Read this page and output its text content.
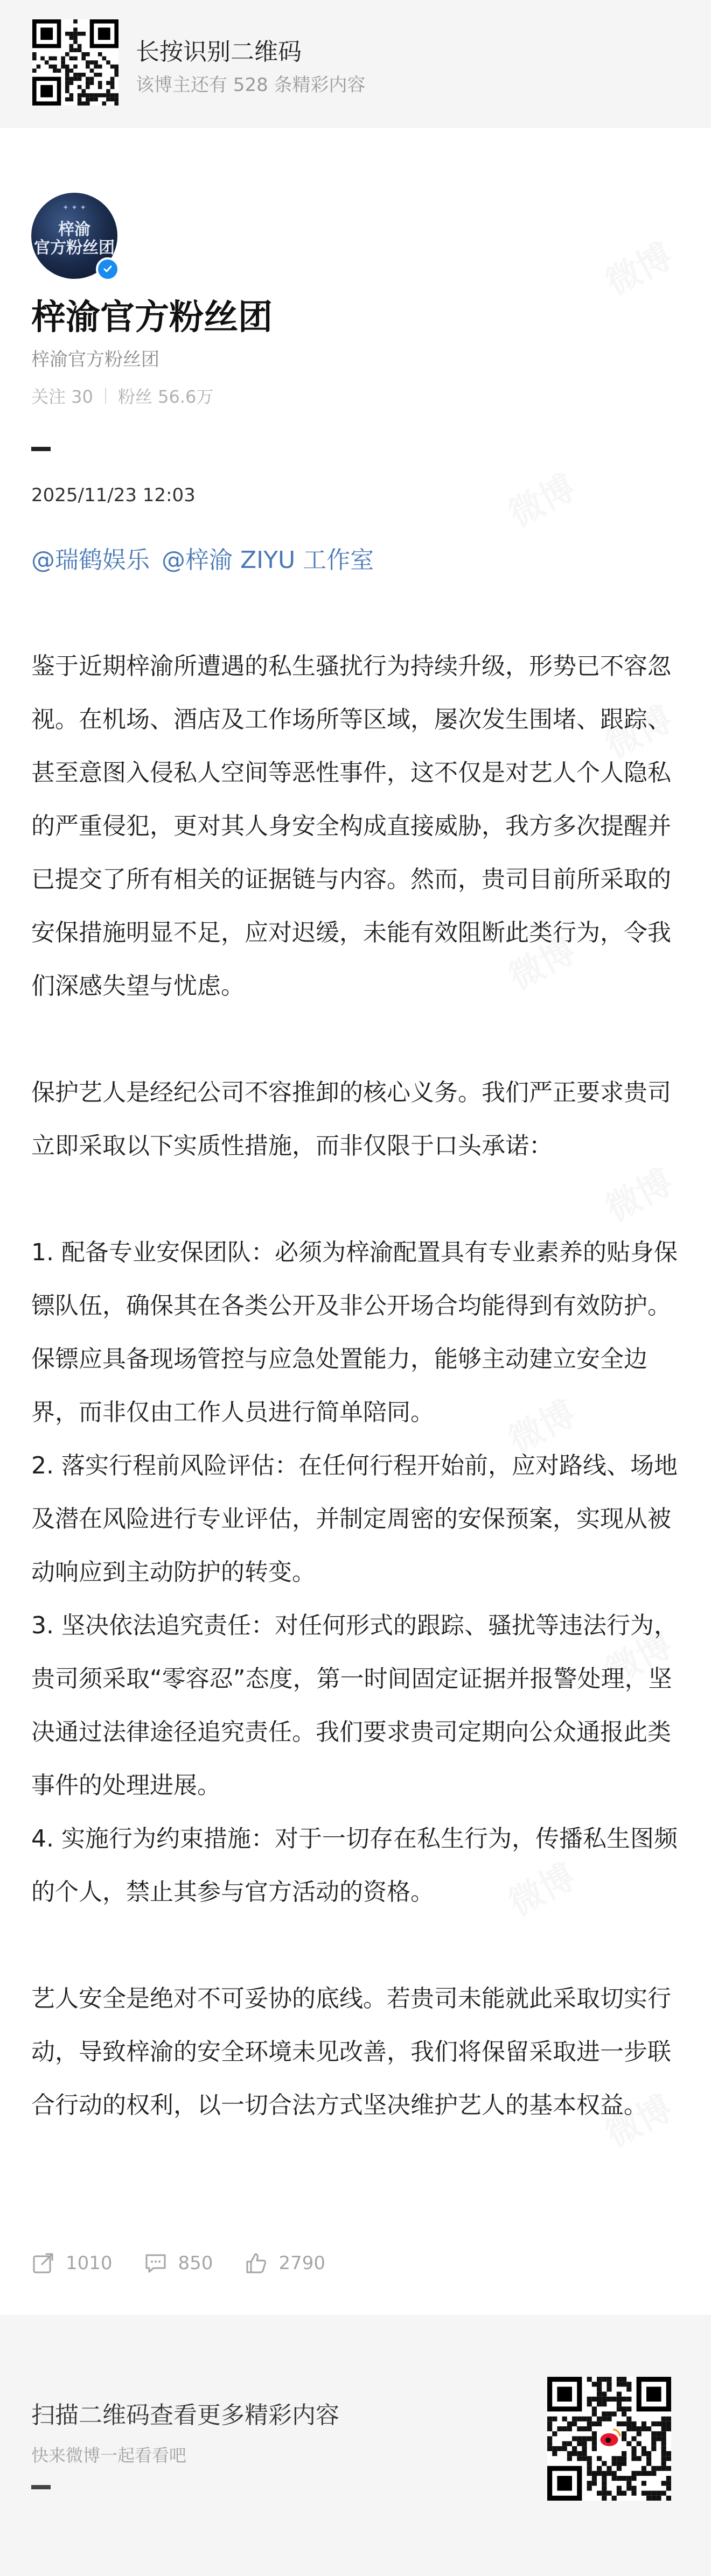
长按识别二维码
该博主还有 528 条精彩内容
✦ ✦ ✦
梓渝
官方粉丝团
梓渝官方粉丝团
梓渝官方粉丝团
关注 30 粉丝 56.6万
2025/11/23 12:03
@瑞鹤娱乐 @梓渝 ZIYU 工作室

鉴于近期梓渝所遭遇的私生骚扰行为持续升级，形势已不容忽视。在机场、酒店及工作场所等区域，屡次发生围堵、跟踪、甚至意图入侵私人空间等恶性事件，这不仅是对艺人个人隐私的严重侵犯，更对其人身安全构成直接威胁，我方多次提醒并已提交了所有相关的证据链与内容。然而，贵司目前所采取的安保措施明显不足，应对迟缓，未能有效阻断此类行为，令我们深感失望与忧虑。

保护艺人是经纪公司不容推卸的核心义务。我们严正要求贵司立即采取以下实质性措施，而非仅限于口头承诺：

1. 配备专业安保团队：必须为梓渝配置具有专业素养的贴身保镖队伍，确保其在各类公开及非公开场合均能得到有效防护。保镖应具备现场管控与应急处置能力，能够主动建立安全边界，而非仅由工作人员进行简单陪同。

2. 落实行程前风险评估：在任何行程开始前，应对路线、场地及潜在风险进行专业评估，并制定周密的安保预案，实现从被动响应到主动防护的转变。

3. 坚决依法追究责任：对任何形式的跟踪、骚扰等违法行为，贵司须采取“零容忍”态度，第一时间固定证据并报警处理，坚决通过法律途径追究责任。我们要求贵司定期向公众通报此类事件的处理进展。

4. 实施行为约束措施：对于一切存在私生行为，传播私生图频的个人，禁止其参与官方活动的资格。

艺人安全是绝对不可妥协的底线。若贵司未能就此采取切实行动，导致梓渝的安全环境未见改善，我们将保留采取进一步联合行动的权利，以一切合法方式坚决维护艺人的基本权益。

1010	850	2790
扫描二维码查看更多精彩内容
快来微博一起看看吧
